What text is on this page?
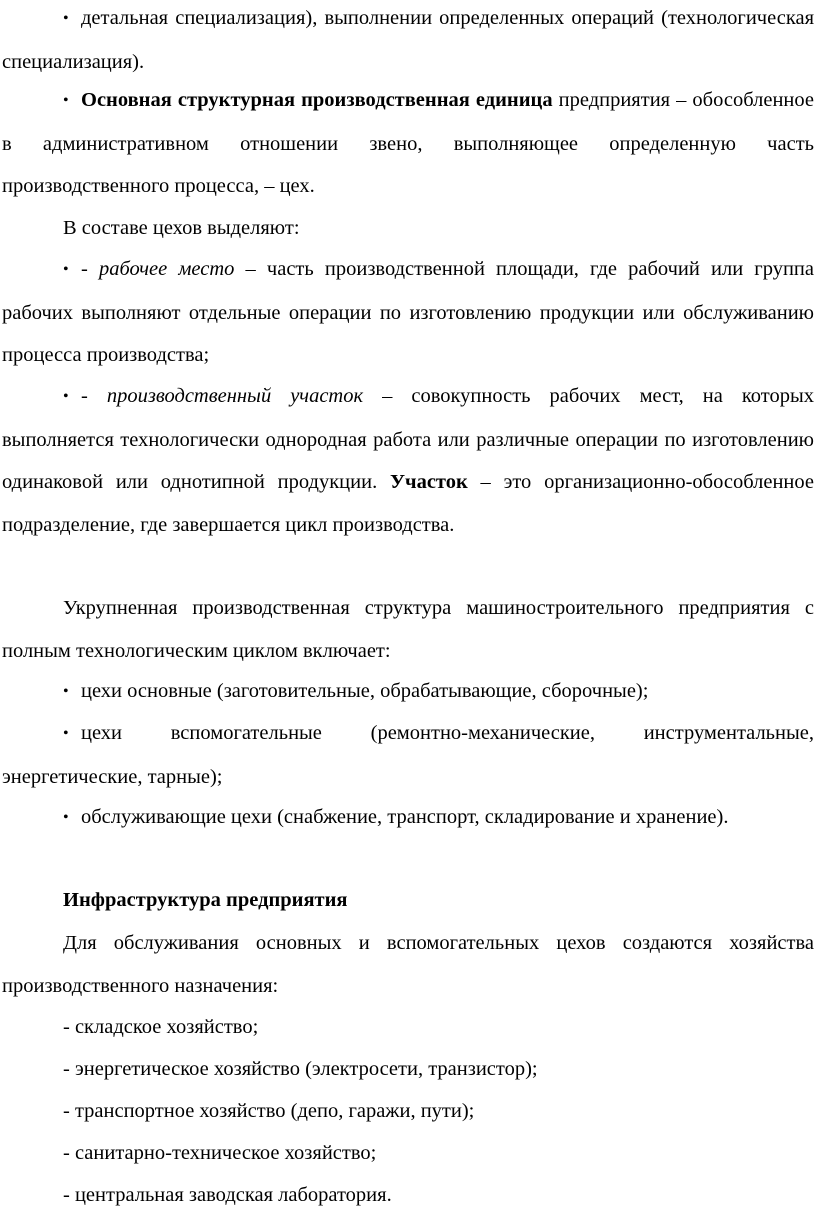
• детальная специализация), выполнении определенных операций (технологическая специализация).

• Основная структурная производственная единица предприятия – обособленное в административном отношении звено, выполняющее определенную часть производственного процесса, – цех.

В составе цехов выделяют:

• - рабочее место – часть производственной площади, где рабочий или группа рабочих выполняют отдельные операции по изготовлению продукции или обслуживанию процесса производства;

• - производственный участок – совокупность рабочих мест, на которых выполняется технологически однородная работа или различные операции по изготовлению одинаковой или однотипной продукции. Участок – это организационно-обособленное подразделение, где завершается цикл производства.

Укрупненная производственная структура машиностроительного предприятия с полным технологическим циклом включает:

• цехи основные (заготовительные, обрабатывающие, сборочные);

• цехи вспомогательные (ремонтно-механические, инструментальные, энергетические, тарные);

• обслуживающие цехи (снабжение, транспорт, складирование и хранение).

Инфраструктура предприятия

Для обслуживания основных и вспомогательных цехов создаются хозяйства производственного назначения:

- складское хозяйство;

- энергетическое хозяйство (электросети, транзистор);

- транспортное хозяйство (депо, гаражи, пути);

- санитарно-техническое хозяйство;

- центральная заводская лаборатория.
